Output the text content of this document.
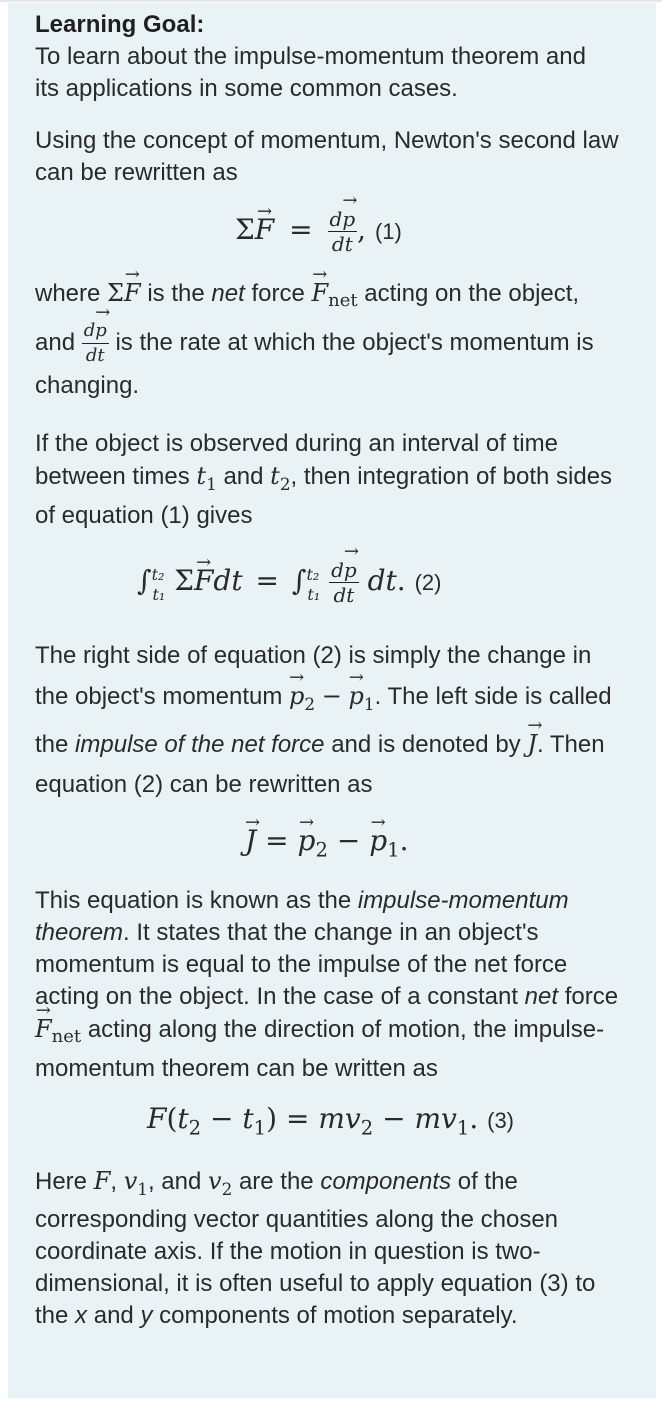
Learning Goal:

To learn about the impulse-momentum theorem and its applications in some common cases.

Using the concept of momentum, Newton's second law can be rewritten as

$\Sigma\to F = \frac{d\to p}{dt}$ , (1)

where Σ→ F is the net force → $F_{net}$ acting on the object, and $\frac{d\to p}{dt}$ is the rate at which the object's momentum is changing.

If the object is observed during an interval of time between times $t_1$ and $t_2$, then integration of both sides of equation (1) gives

∫$^{t_2}_{t_1}$ Σ→ Fdt = $\int^{t_2}_{t_1} \frac{d\to p}{dt}$ dt. (2)

The right side of equation (2) is simply the change in the object's momentum → $p_2$ − → $p_1$. The left side is called the impulse of the net force and is denoted by → J. Then equation (2) can be rewritten as

→ J = → $p_2$ − → $p_1$.

This equation is known as the impulse-momentum theorem. It states that the change in an object's momentum is equal to the impulse of the net force acting on the object. In the case of a constant net force → $F_{net}$ acting along the direction of motion, the impulse-momentum theorem can be written as

$F(t_2 - t_1) = mv_2 - mv_1$. (3)

Here F, $v_1$, and $v_2$ are the components of the corresponding vector quantities along the chosen coordinate axis. If the motion in question is two-dimensional, it is often useful to apply equation (3) to the x and y components of motion separately.
